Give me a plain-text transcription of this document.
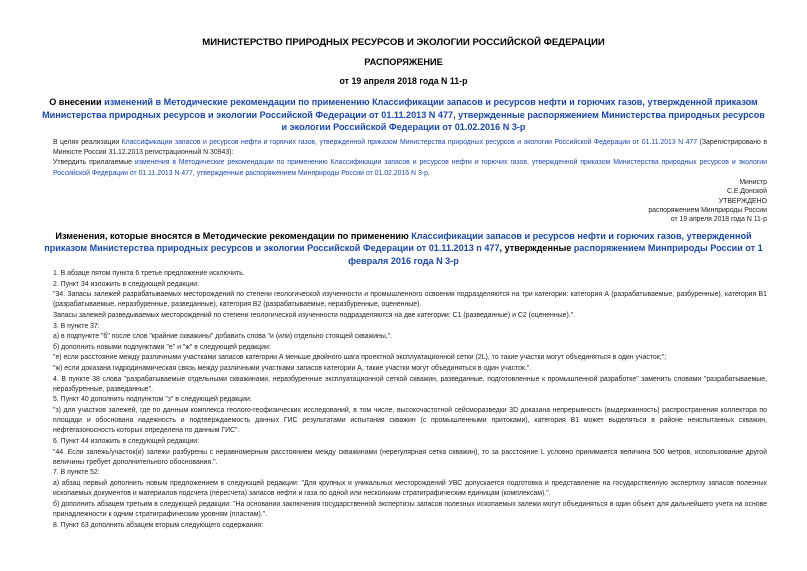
МИНИСТЕРСТВО ПРИРОДНЫХ РЕСУРСОВ И ЭКОЛОГИИ РОССИЙСКОЙ ФЕДЕРАЦИИ
РАСПОРЯЖЕНИЕ
от 19 апреля 2018 года N 11-р
О внесении изменений в Методические рекомендации по применению Классификации запасов и ресурсов нефти и горючих газов, утвержденной приказом Министерства природных ресурсов и экологии Российской Федерации от 01.11.2013 N 477, утвержденные распоряжением Министерства природных ресурсов и экологии Российской Федерации от 01.02.2016 N 3-р

В целях реализации Классификации запасов и ресурсов нефти и горючих газов, утвержденной приказом Министерства природных ресурсов и экологии Российской Федерации от 01.11.2013 N 477 (Зарегистрировано в Минюсте России 31.12.2013 регистрационный N 30943):

Утвердить прилагаемые изменения в Методические рекомендации по применению Классификации запасов и ресурсов нефти и горючих газов, утвержденной приказом Министерства природных ресурсов и экологии Российской Федерации от 01.11.2013 N 477, утвержденные распоряжением Минприроды России от 01.02.2016 N 3-р.

Министр
С.Е.Донской
УТВЕРЖДЕНО
распоряжением Минприроды России
от 19 апреля 2018 года N 11-р
Изменения, которые вносятся в Методические рекомендации по применению Классификации запасов и ресурсов нефти и горючих газов, утвержденной приказом Министерства природных ресурсов и экологии Российской Федерации от 01.11.2013 n 477, утвержденные распоряжением Минприроды России от 1 февраля 2016 года N 3-р

1. В абзаце пятом пункта 6 третье предложение исключить.

2. Пункт 34 изложить в следующей редакции:

"34. Запасы залежей разрабатываемых месторождений по степени геологической изученности и промышленного освоения подразделяются на три категории: категория А (разрабатываемые, разбуренные), категория В1 (разрабатываемые, неразбуренные, разведанные), категория В2 (разрабатываемые, неразбуренные, оцененные).

Запасы залежей разведываемых месторождений по степени геологической изученности подразделяются на две категории: С1 (разведанные) и С2 (оцененные).".

3. В пункте 37:

а) в подпункте "б" после слов "крайние скважины" добавить слова "и (или) отдельно стоящей скважины,".

б) дополнить новыми подпунктами "е" и "ж" в следующей редакции:

"е) если расстояние между различными участками запасов категории А меньше двойного шага проектной эксплуатационной сетки (2L), то такие участки могут объединяться в один участок;";

"ж) если доказана гидродинамическая связь между различными участками запасов категории А, такие участки могут объединяться в один участок.".

4. В пункте 38 слова "разрабатываемые отдельными скважинами, неразбуренные эксплуатационной сеткой скважин, разведанные, подготовленные к промышленной разработке" заменить словами "разрабатываемые, неразбуренные, разведанные".

5. Пункт 40 дополнить подпунктом "з" в следующей редакции:

"з) для участков залежей, где по данным комплекса геолого-геофизических исследований, в том числе, высокочастотной сейсморазведки 3D доказана непрерывность (выдержанность) распространения коллектора по площади и обоснована надежность и подтверждаемость данных ГИС результатами испытания скважин (с промышленными притоками), категория В1 может выделяться в районе неиспытанных скважин, нефтегазоносность которых определена по данным ГИС".

6. Пункт 44 изложить в следующей редакции:

"44. Если залежь/участок(и) залежи разбурены с неравномерным расстоянием между скважинами (нерегулярная сетка скважин), то за расстояние L условно принимается величина 500 метров, использование другой величины требует дополнительного обоснования.".

7. В пункте 52:

а) абзац первый дополнить новым предложением в следующей редакции: "Для крупных и уникальных месторождений УВС допускается подготовка и представление на государственную экспертизу запасов полезных ископаемых документов и материалов подсчета (пересчета) запасов нефти и газа по одной или нескольким стратиграфическим единицам (комплексам).".

б) дополнить абзацем третьим в следующей редакции: "На основании заключения государственной экспертизы запасов полезных ископаемых залежи могут объединяться в один объект для дальнейшего учета на основе принадлежности к одним стратиграфическим уровням (пластам).".

8. Пункт 63 дополнить абзацем вторым следующего содержания:
